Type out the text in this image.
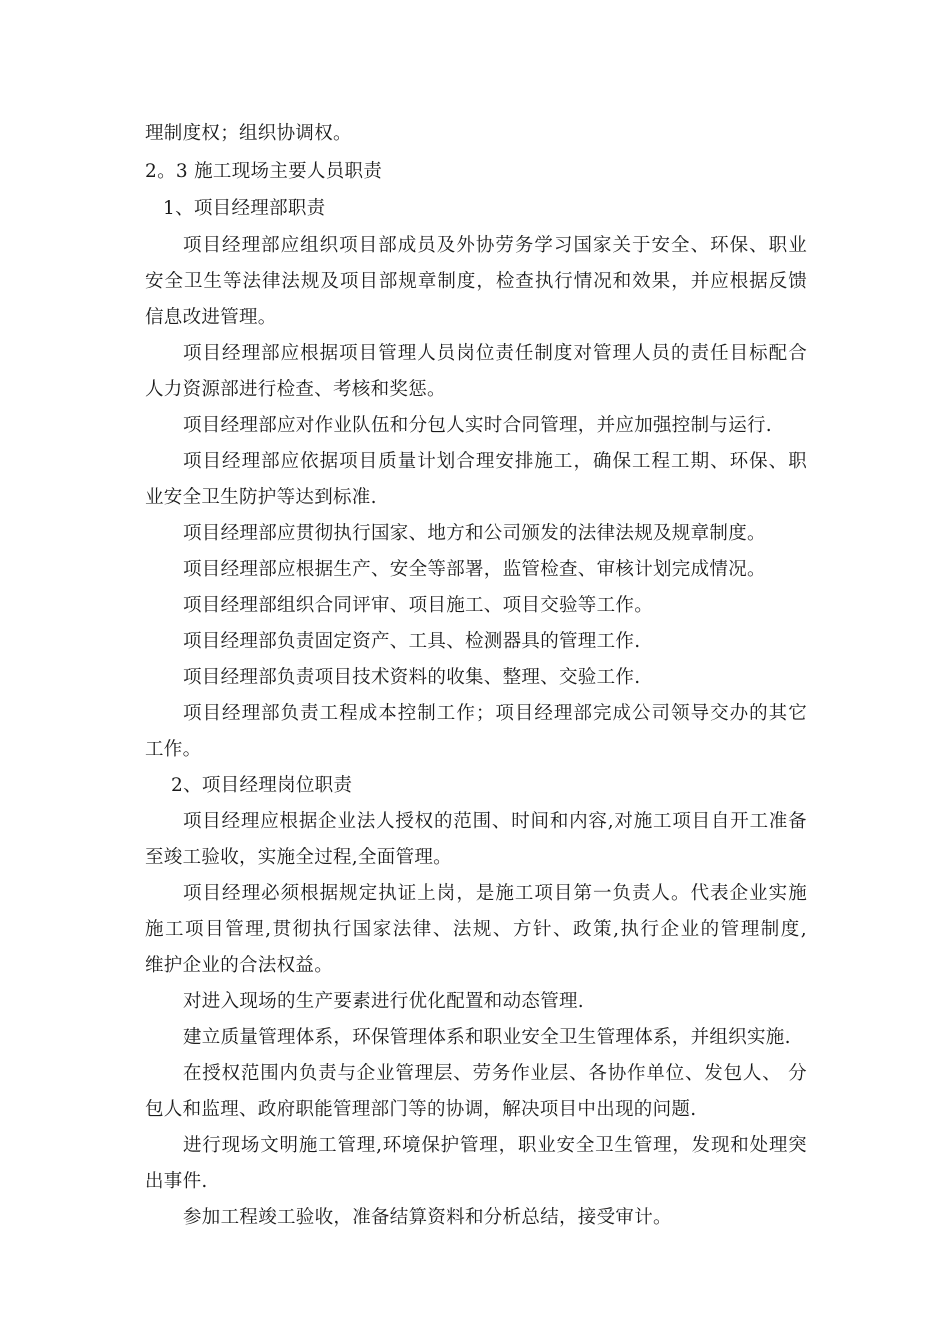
理制度权；组织协调权。
2。3 施工现场主要人员职责
1、项目经理部职责
项目经理部应组织项目部成员及外协劳务学习国家关于安全、环保、职业
安全卫生等法律法规及项目部规章制度，检查执行情况和效果，并应根据反馈
信息改进管理。
项目经理部应根据项目管理人员岗位责任制度对管理人员的责任目标配合
人力资源部进行检查、考核和奖惩。
项目经理部应对作业队伍和分包人实时合同管理，并应加强控制与运行.
项目经理部应依据项目质量计划合理安排施工，确保工程工期、环保、职
业安全卫生防护等达到标准.
项目经理部应贯彻执行国家、地方和公司颁发的法律法规及规章制度。
项目经理部应根据生产、安全等部署，监管检查、审核计划完成情况。
项目经理部组织合同评审、项目施工、项目交验等工作。
项目经理部负责固定资产、工具、检测器具的管理工作.
项目经理部负责项目技术资料的收集、整理、交验工作.
项目经理部负责工程成本控制工作；项目经理部完成公司领导交办的其它
工作。
2、项目经理岗位职责
项目经理应根据企业法人授权的范围、时间和内容,对施工项目自开工准备
至竣工验收，实施全过程,全面管理。
项目经理必须根据规定执证上岗，是施工项目第一负责人。代表企业实施
施工项目管理,贯彻执行国家法律、法规、方针、政策,执行企业的管理制度,
维护企业的合法权益。
对进入现场的生产要素进行优化配置和动态管理.
建立质量管理体系，环保管理体系和职业安全卫生管理体系，并组织实施.
在授权范围内负责与企业管理层、劳务作业层、各协作单位、发包人、 分
包人和监理、政府职能管理部门等的协调，解决项目中出现的问题.
进行现场文明施工管理,环境保护管理，职业安全卫生管理，发现和处理突
出事件.
参加工程竣工验收，准备结算资料和分析总结，接受审计。
